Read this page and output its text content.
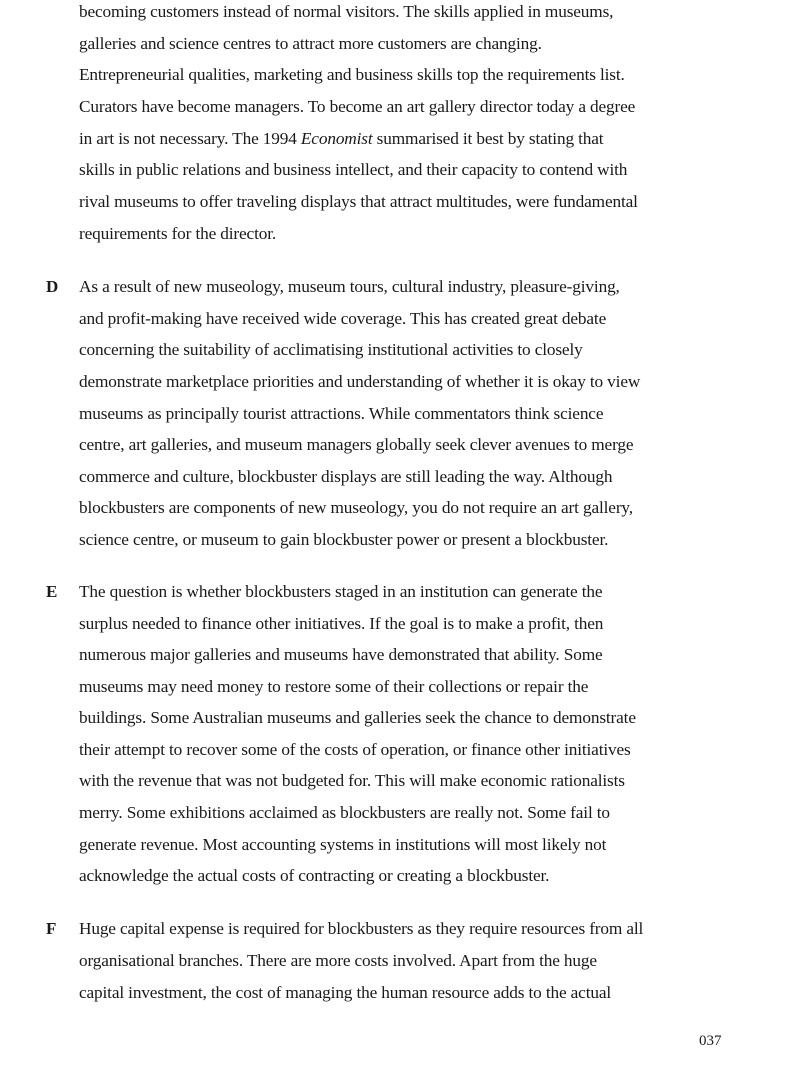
becoming customers instead of normal visitors. The skills applied in museums,
galleries and science centres to attract more customers are changing.
Entrepreneurial qualities, marketing and business skills top the requirements list.
Curators have become managers. To become an art gallery director today a degree
in art is not necessary. The 1994 Economist summarised it best by stating that
skills in public relations and business intellect, and their capacity to contend with
rival museums to offer traveling displays that attract multitudes, were fundamental
requirements for the director.
D As a result of new museology, museum tours, cultural industry, pleasure-giving,
and profit-making have received wide coverage. This has created great debate
concerning the suitability of acclimatising institutional activities to closely
demonstrate marketplace priorities and understanding of whether it is okay to view
museums as principally tourist attractions. While commentators think science
centre, art galleries, and museum managers globally seek clever avenues to merge
commerce and culture, blockbuster displays are still leading the way. Although
blockbusters are components of new museology, you do not require an art gallery,
science centre, or museum to gain blockbuster power or present a blockbuster.
E The question is whether blockbusters staged in an institution can generate the
surplus needed to finance other initiatives. If the goal is to make a profit, then
numerous major galleries and museums have demonstrated that ability. Some
museums may need money to restore some of their collections or repair the
buildings. Some Australian museums and galleries seek the chance to demonstrate
their attempt to recover some of the costs of operation, or finance other initiatives
with the revenue that was not budgeted for. This will make economic rationalists
merry. Some exhibitions acclaimed as blockbusters are really not. Some fail to
generate revenue. Most accounting systems in institutions will most likely not
acknowledge the actual costs of contracting or creating a blockbuster.
F Huge capital expense is required for blockbusters as they require resources from all
organisational branches. There are more costs involved. Apart from the huge
capital investment, the cost of managing the human resource adds to the actual
037
